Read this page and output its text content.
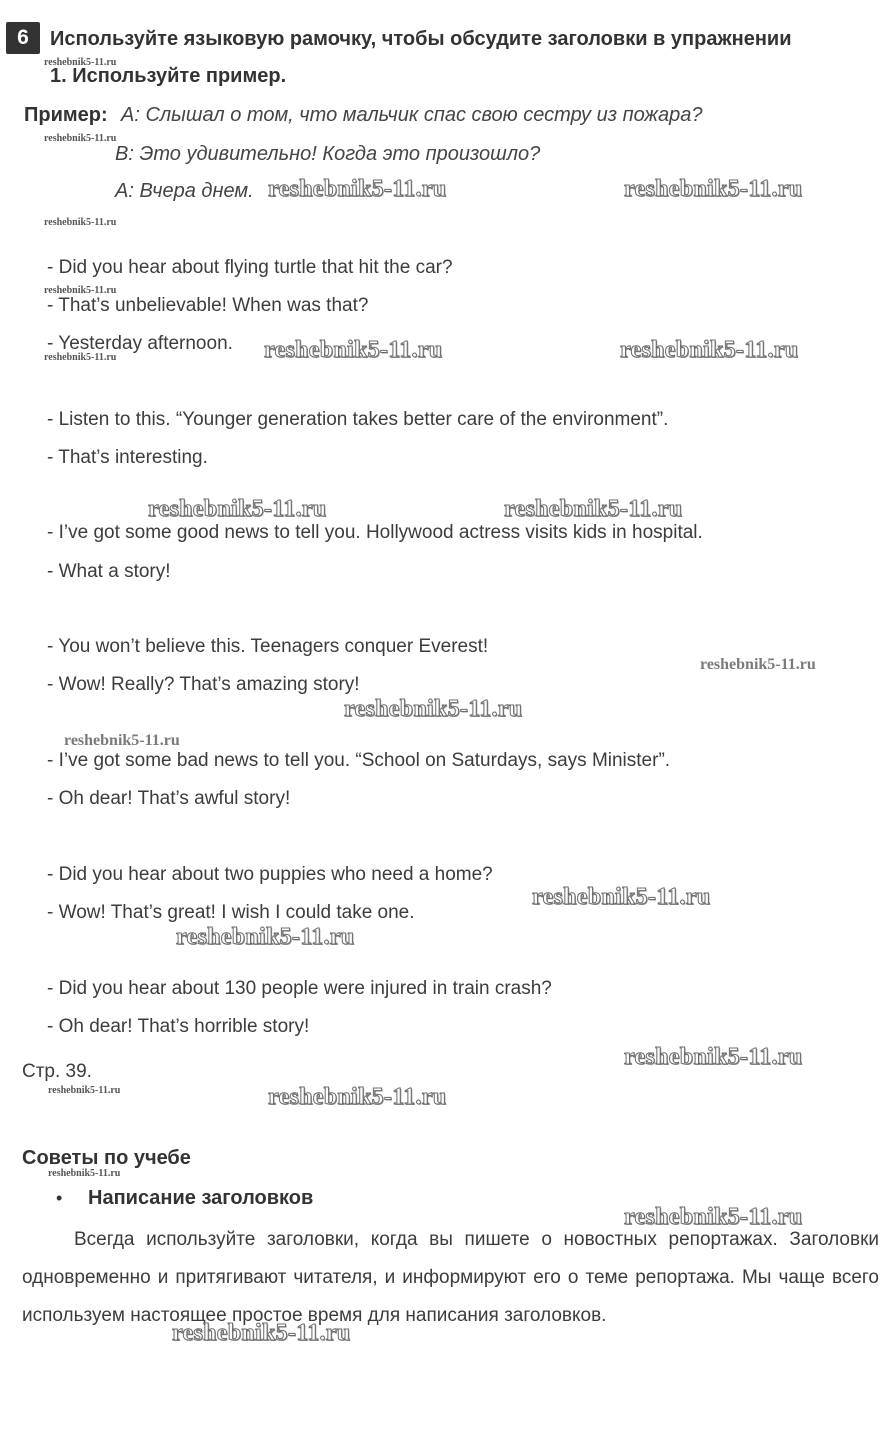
6	Используйте языковую рамочку, чтобы обсудите заголовки в упражнении
1. Используйте пример.
Пример: A: Слышал о том, что мальчик спас свою сестру из пожара?
B: Это удивительно! Когда это произошло?
A: Вчера днем.
- Did you hear about flying turtle that hit the car?
- That’s unbelievable! When was that?
- Yesterday afternoon.
- Listen to this. “Younger generation takes better care of the environment”.
- That’s interesting.
- I’ve got some good news to tell you. Hollywood actress visits kids in hospital.
- What a story!
- You won’t believe this. Teenagers conquer Everest!
- Wow! Really? That’s amazing story!
- I’ve got some bad news to tell you. “School on Saturdays, says Minister”.
- Oh dear! That’s awful story!
- Did you hear about two puppies who need a home?
- Wow! That’s great! I wish I could take one.
- Did you hear about 130 people were injured in train crash?
- Oh dear! That’s horrible story!
Стр. 39.
Советы по учебе
• Написание заголовков
Всегда используйте заголовки, когда вы пишете о новостных репортажах. Заголовки одновременно и притягивают читателя, и информируют его о теме репортажа. Мы чаще всего используем настоящее простое время для написания заголовков.
reshebnik5-11.ru	reshebnik5-11.ru
reshebnik5-11.ru	reshebnik5-11.ru
reshebnik5-11.ru	reshebnik5-11.ru
reshebnik5-11.ru
reshebnik5-11.ru
reshebnik5-11.ru
reshebnik5-11.ru
reshebnik5-11.ru
reshebnik5-11.ru
reshebnik5-11.ru
reshebnik5-11.ru
reshebnik5-11.ru
reshebnik5-11.ru
reshebnik5-11.ru
reshebnik5-11.ru
reshebnik5-11.ru
reshebnik5-11.ru
reshebnik5-11.ru
reshebnik5-11.ru
